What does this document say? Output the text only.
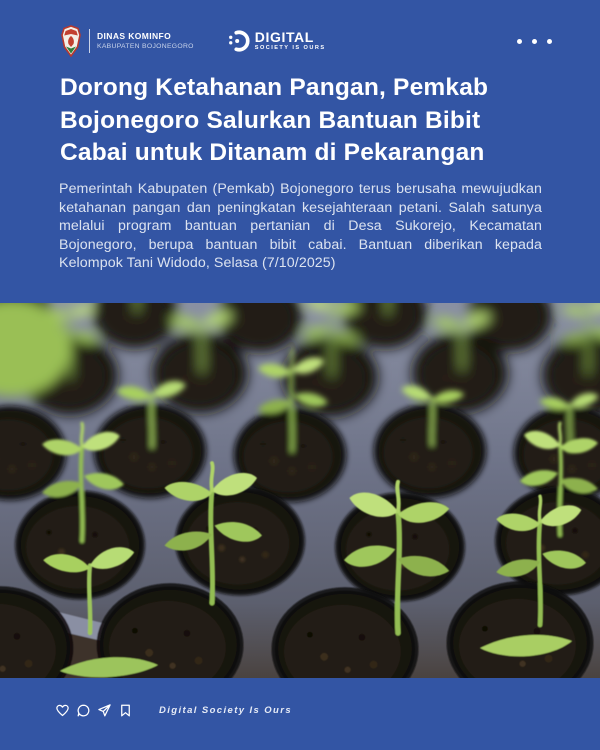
DINAS KOMINFO
KABUPATEN BOJONEGORO
DIGITAL
SOCIETY IS OURS
Dorong Ketahanan Pangan, Pemkab
Bojonegoro Salurkan Bantuan Bibit
Cabai untuk Ditanam di Pekarangan

Pemerintah Kabupaten (Pemkab) Bojonegoro terus berusaha mewujudkan ketahanan pangan dan peningkatan kesejahteraan petani. Salah satunya melalui program bantuan pertanian di Desa Sukorejo, Kecamatan Bojonegoro, berupa bantuan bibit cabai. Bantuan diberikan kepada Kelompok Tani Widodo, Selasa (7/10/2025)

Digital Society Is Ours
